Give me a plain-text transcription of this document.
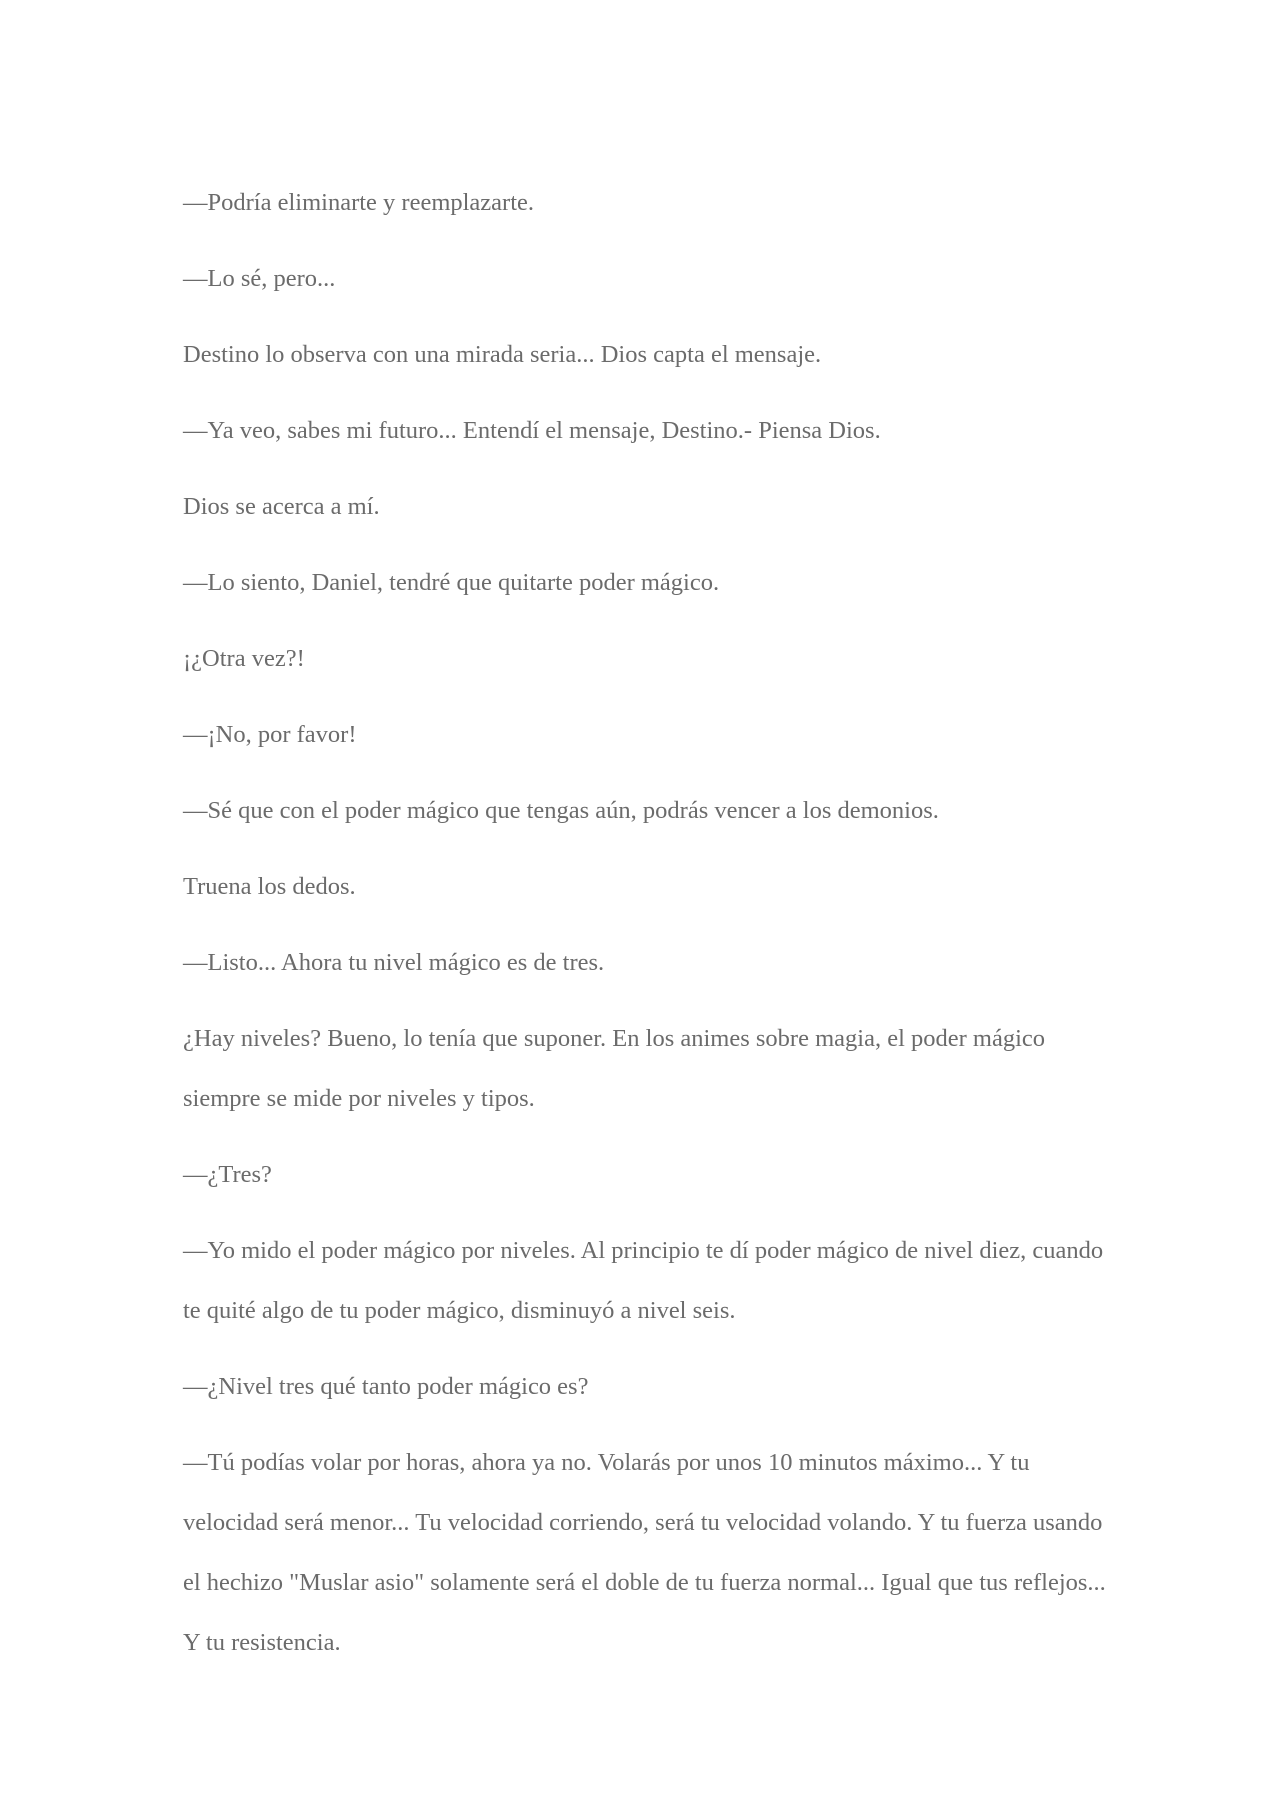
—Podría eliminarte y reemplazarte.

—Lo sé, pero...

Destino lo observa con una mirada seria... Dios capta el mensaje.

—Ya veo, sabes mi futuro... Entendí el mensaje, Destino.- Piensa Dios.

Dios se acerca a mí.

—Lo siento, Daniel, tendré que quitarte poder mágico.

¡¿Otra vez?!

—¡No, por favor!

—Sé que con el poder mágico que tengas aún, podrás vencer a los demonios.

Truena los dedos.

—Listo... Ahora tu nivel mágico es de tres.

¿Hay niveles? Bueno, lo tenía que suponer. En los animes sobre magia, el poder mágico siempre se mide por niveles y tipos.

—¿Tres?

—Yo mido el poder mágico por niveles. Al principio te dí poder mágico de nivel diez, cuando te quité algo de tu poder mágico, disminuyó a nivel seis.

—¿Nivel tres qué tanto poder mágico es?

—Tú podías volar por horas, ahora ya no. Volarás por unos 10 minutos máximo... Y tu velocidad será menor... Tu velocidad corriendo, será tu velocidad volando. Y tu fuerza usando el hechizo "Muslar asio" solamente será el doble de tu fuerza normal... Igual que tus reflejos... Y tu resistencia.
